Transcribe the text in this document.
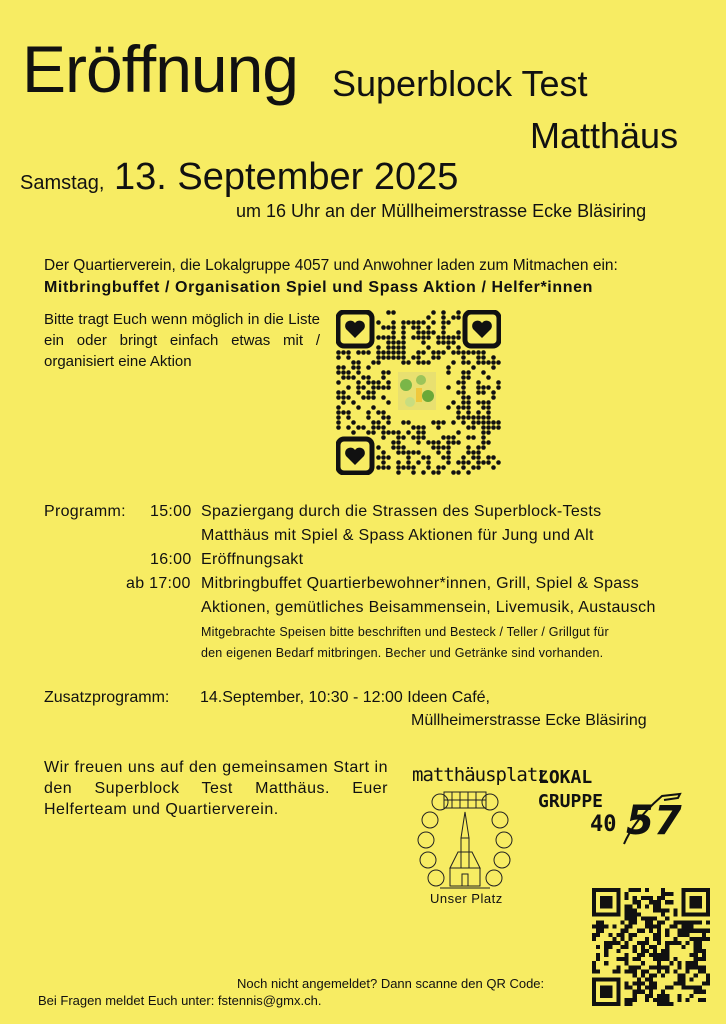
Eröffnung Superblock Test
Matthäus
Samstag, 13. September 2025
um 16 Uhr an der Müllheimerstrasse Ecke Bläsiring
Der Quartierverein, die Lokalgruppe 4057 und Anwohner laden zum Mitmachen ein:
Mitbringbuffet / Organisation Spiel und Spass Aktion / Helfer*innen
Bitte tragt Euch wenn möglich in die Liste ein oder bringt einfach etwas mit / organisiert eine Aktion
Programm: 15:00 Spaziergang durch die Strassen des Superblock-Tests
Matthäus mit Spiel & Spass Aktionen für Jung und Alt
16:00 Eröffnungsakt
ab 17:00 Mitbringbuffet Quartierbewohner*innen, Grill, Spiel & Spass
Aktionen, gemütliches Beisammensein, Livemusik, Austausch
Mitgebrachte Speisen bitte beschriften und Besteck / Teller / Grillgut für
den eigenen Bedarf mitbringen. Becher und Getränke sind vorhanden.
Zusatzprogramm: 14.September, 10:30 - 12:00 Ideen Café,
Müllheimerstrasse Ecke Bläsiring
Wir freuen uns auf den gemeinsamen Start in den Superblock Test Matthäus. Euer Helferteam und Quartierverein.
matthäusplatz
Unser Platz
LOKAL
GRUPPE
40 57
Noch nicht angemeldet? Dann scanne den QR Code:
Bei Fragen meldet Euch unter: fstennis@gmx.ch.
